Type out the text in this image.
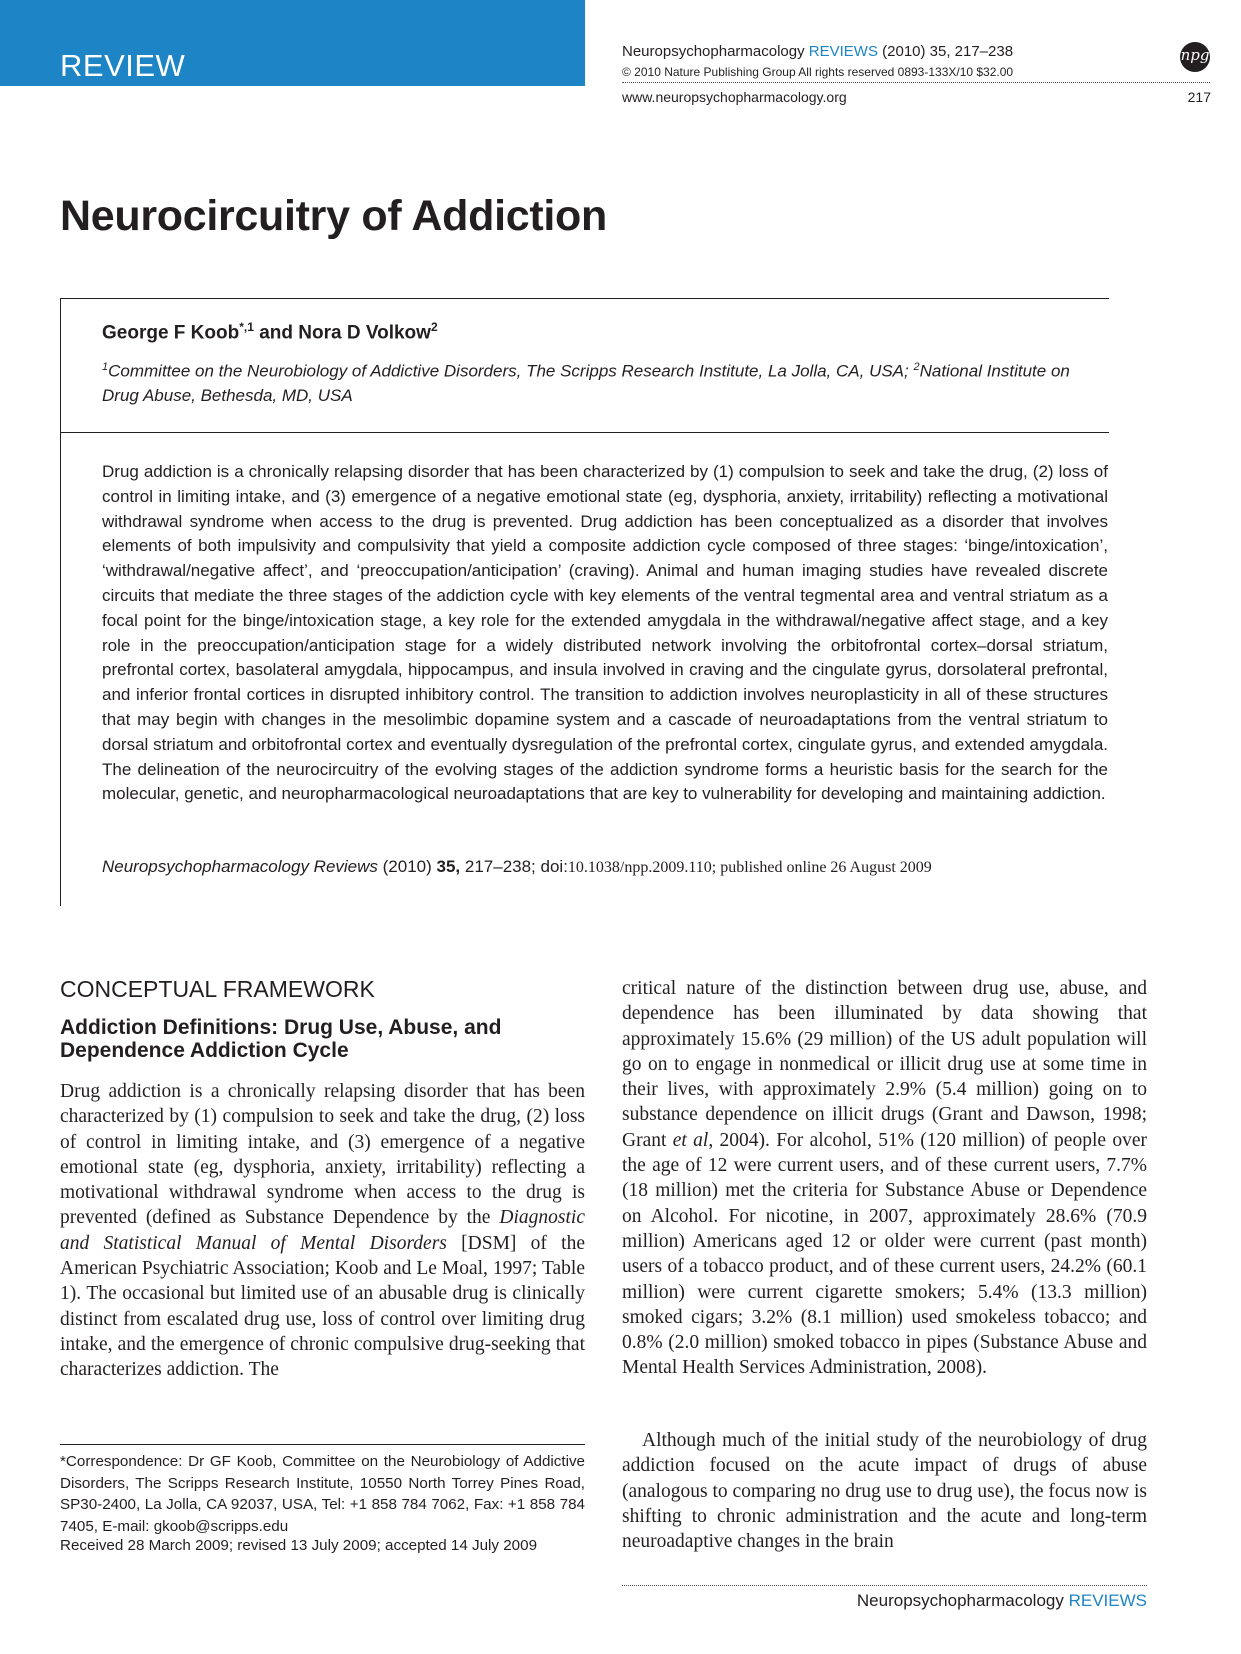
REVIEW	Neuropsychopharmacology REVIEWS (2010) 35, 217–238
© 2010 Nature Publishing Group All rights reserved 0893-133X/10 $32.00
npg
www.neuropsychopharmacology.org	217
Neurocircuitry of Addiction
George F Koob$^{*,1}$ and Nora D Volkow$^2$
$^1$Committee on the Neurobiology of Addictive Disorders, The Scripps Research Institute, La Jolla, CA, USA; $^2$National Institute on Drug Abuse, Bethesda, MD, USA

Drug addiction is a chronically relapsing disorder that has been characterized by (1) compulsion to seek and take the drug, (2) loss of control in limiting intake, and (3) emergence of a negative emotional state (eg, dysphoria, anxiety, irritability) reflecting a motivational withdrawal syndrome when access to the drug is prevented. Drug addiction has been conceptualized as a disorder that involves elements of both impulsivity and compulsivity that yield a composite addiction cycle composed of three stages: ‘binge/intoxication’, ‘withdrawal/negative affect’, and ‘preoccupation/anticipation’ (craving). Animal and human imaging studies have revealed discrete circuits that mediate the three stages of the addiction cycle with key elements of the ventral tegmental area and ventral striatum as a focal point for the binge/intoxication stage, a key role for the extended amygdala in the withdrawal/negative affect stage, and a key role in the preoccupation/anticipation stage for a widely distributed network involving the orbitofrontal cortex–dorsal striatum, prefrontal cortex, basolateral amygdala, hippocampus, and insula involved in craving and the cingulate gyrus, dorsolateral prefrontal, and inferior frontal cortices in disrupted inhibitory control. The transition to addiction involves neuroplasticity in all of these structures that may begin with changes in the mesolimbic dopamine system and a cascade of neuroadaptations from the ventral striatum to dorsal striatum and orbitofrontal cortex and eventually dysregulation of the prefrontal cortex, cingulate gyrus, and extended amygdala. The delineation of the neurocircuitry of the evolving stages of the addiction syndrome forms a heuristic basis for the search for the molecular, genetic, and neuropharmacological neuroadaptations that are key to vulnerability for developing and maintaining addiction.

Neuropsychopharmacology Reviews (2010) 35, 217–238; doi:10.1038/npp.2009.110; published online 26 August 2009
CONCEPTUAL FRAMEWORK
Addiction Definitions: Drug Use, Abuse, and Dependence Addiction Cycle

Drug addiction is a chronically relapsing disorder that has been characterized by (1) compulsion to seek and take the drug, (2) loss of control in limiting intake, and (3) emergence of a negative emotional state (eg, dysphoria, anxiety, irritability) reflecting a motivational withdrawal syndrome when access to the drug is prevented (defined as Substance Dependence by the Diagnostic and Statistical Manual of Mental Disorders [DSM] of the American Psychiatric Association; Koob and Le Moal, 1997; Table 1). The occasional but limited use of an abusable drug is clinically distinct from escalated drug use, loss of control over limiting drug intake, and the emergence of chronic compulsive drug-seeking that characterizes addiction. The

critical nature of the distinction between drug use, abuse, and dependence has been illuminated by data showing that approximately 15.6% (29 million) of the US adult population will go on to engage in nonmedical or illicit drug use at some time in their lives, with approximately 2.9% (5.4 million) going on to substance dependence on illicit drugs (Grant and Dawson, 1998; Grant et al, 2004). For alcohol, 51% (120 million) of people over the age of 12 were current users, and of these current users, 7.7% (18 million) met the criteria for Substance Abuse or Dependence on Alcohol. For nicotine, in 2007, approximately 28.6% (70.9 million) Americans aged 12 or older were current (past month) users of a tobacco product, and of these current users, 24.2% (60.1 million) were current cigarette smokers; 5.4% (13.3 million) smoked cigars; 3.2% (8.1 million) used smokeless tobacco; and 0.8% (2.0 million) smoked tobacco in pipes (Substance Abuse and Mental Health Services Administration, 2008).

Although much of the initial study of the neurobiology of drug addiction focused on the acute impact of drugs of abuse (analogous to comparing no drug use to drug use), the focus now is shifting to chronic administration and the acute and long-term neuroadaptive changes in the brain

*Correspondence: Dr GF Koob, Committee on the Neurobiology of Addictive Disorders, The Scripps Research Institute, 10550 North Torrey Pines Road, SP30-2400, La Jolla, CA 92037, USA, Tel: +1 858 784 7062, Fax: +1 858 784 7405, E-mail: gkoob@scripps.edu

Received 28 March 2009; revised 13 July 2009; accepted 14 July 2009
Neuropsychopharmacology REVIEWS
